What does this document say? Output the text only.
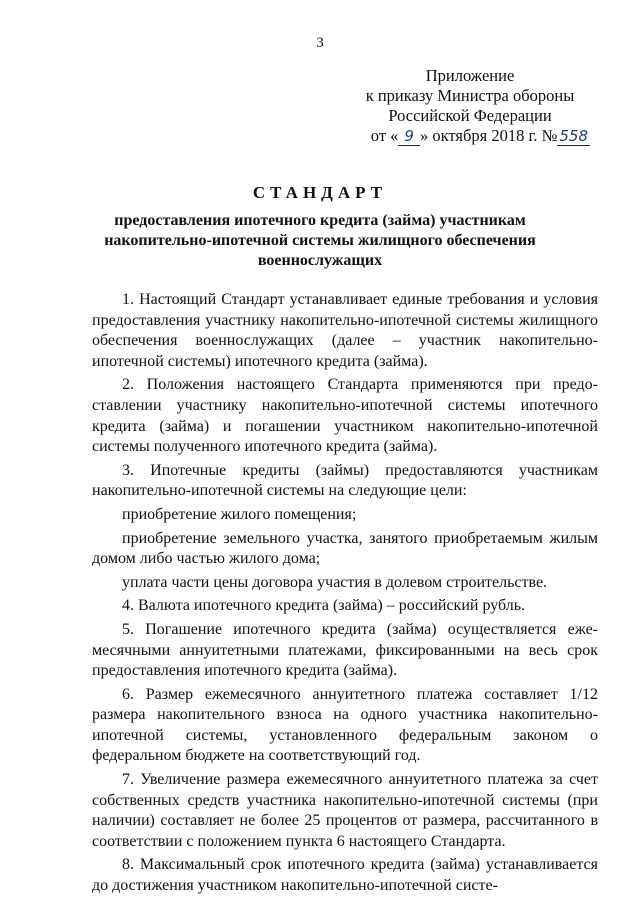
3
Приложение
к приказу Министра обороны
Российской Федерации
от « 9 » октября 2018 г. № 558
СТАНДАРТ
предоставления ипотечного кредита (займа) участникам накопительно-ипотечной системы жилищного обеспечения военнослужащих

1. Настоящий Стандарт устанавливает единые требования и условия предоставления участнику накопительно-ипотечной системы жилищного обеспечения военнослужащих (далее – участник накопительно-ипотечной системы) ипотечного кредита (займа).

2. Положения настоящего Стандарта применяются при предоставлении участнику накопительно-ипотечной системы ипотечного кредита (займа) и погашении участником накопительно-ипотечной системы полученного ипотечного кредита (займа).

3. Ипотечные кредиты (займы) предоставляются участникам накопительно-ипотечной системы на следующие цели:

приобретение жилого помещения;

приобретение земельного участка, занятого приобретаемым жилым домом либо частью жилого дома;

уплата части цены договора участия в долевом строительстве.

4. Валюта ипотечного кредита (займа) – российский рубль.

5. Погашение ипотечного кредита (займа) осуществляется ежемесячными аннуитетными платежами, фиксированными на весь срок предоставления ипотечного кредита (займа).

6. Размер ежемесячного аннуитетного платежа составляет 1/12 размера накопительного взноса на одного участника накопительно-ипотечной системы, установленного федеральным законом о федеральном бюджете на соответствующий год.

7. Увеличение размера ежемесячного аннуитетного платежа за счет собственных средств участника накопительно-ипотечной системы (при наличии) составляет не более 25 процентов от размера, рассчитанного в соответствии с положением пункта 6 настоящего Стандарта.

8. Максимальный срок ипотечного кредита (займа) устанавливается до достижения участником накопительно-ипотечной систе-
